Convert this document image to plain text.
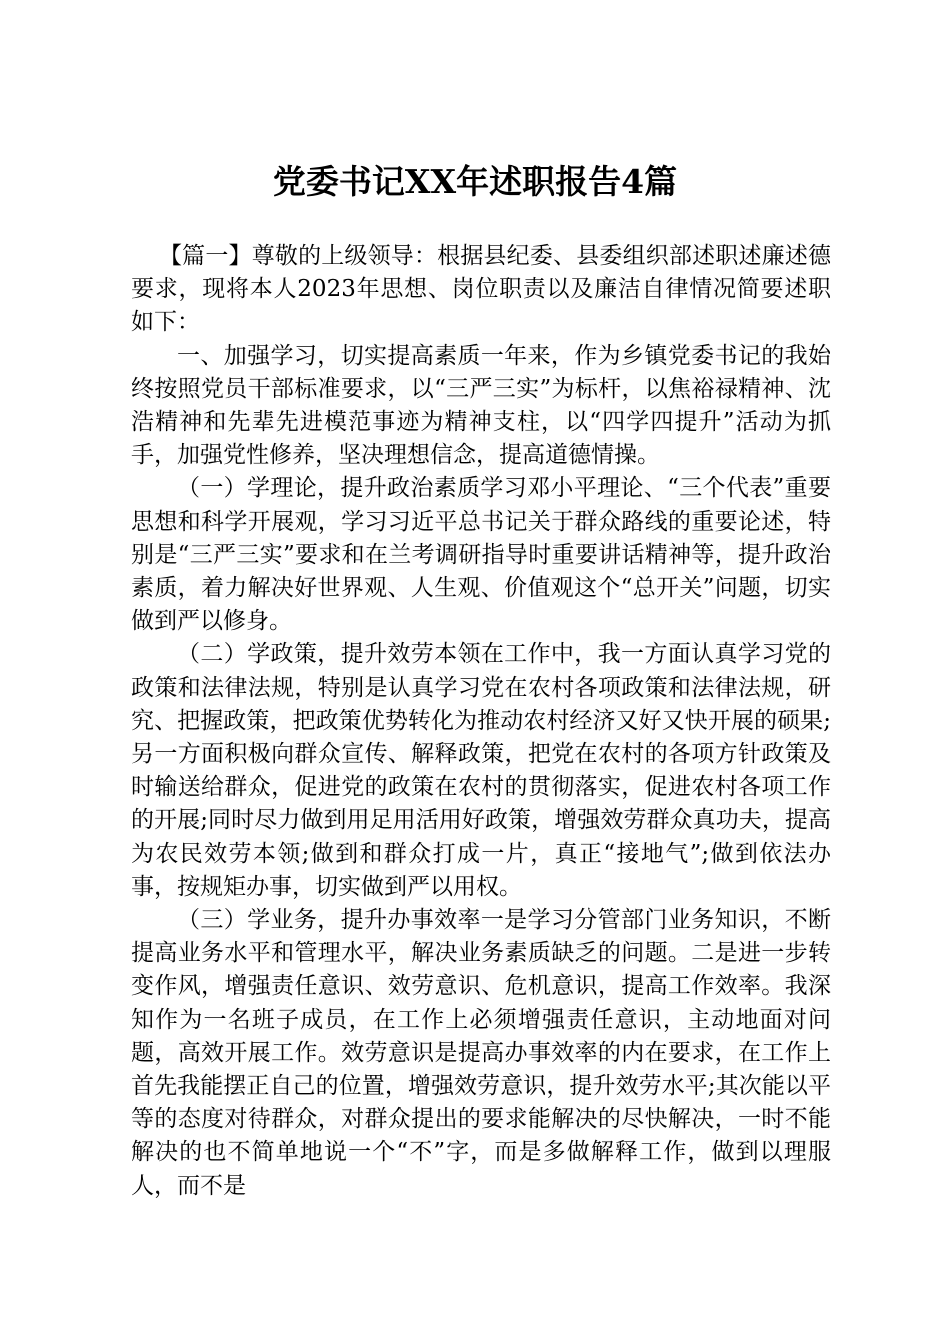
党委书记XX年述职报告4篇

【篇一】尊敬的上级领导：根据县纪委、县委组织部述职述廉述德要求，现将本人2023年思想、岗位职责以及廉洁自律情况简要述职如下：

一、加强学习，切实提高素质一年来，作为乡镇党委书记的我始终按照党员干部标准要求，以“三严三实”为标杆，以焦裕禄精神、沈浩精神和先辈先进模范事迹为精神支柱，以“四学四提升”活动为抓手，加强党性修养，坚决理想信念，提高道德情操。

（一）学理论，提升政治素质学习邓小平理论、“三个代表”重要思想和科学开展观，学习习近平总书记关于群众路线的重要论述，特别是“三严三实”要求和在兰考调研指导时重要讲话精神等，提升政治素质，着力解决好世界观、人生观、价值观这个“总开关”问题，切实做到严以修身。

（二）学政策，提升效劳本领在工作中，我一方面认真学习党的政策和法律法规，特别是认真学习党在农村各项政策和法律法规，研究、把握政策，把政策优势转化为推动农村经济又好又快开展的硕果;另一方面积极向群众宣传、解释政策，把党在农村的各项方针政策及时输送给群众，促进党的政策在农村的贯彻落实，促进农村各项工作的开展;同时尽力做到用足用活用好政策，增强效劳群众真功夫，提高为农民效劳本领;做到和群众打成一片，真正“接地气”;做到依法办事，按规矩办事，切实做到严以用权。

（三）学业务，提升办事效率一是学习分管部门业务知识，不断提高业务水平和管理水平，解决业务素质缺乏的问题。二是进一步转变作风，增强责任意识、效劳意识、危机意识，提高工作效率。我深知作为一名班子成员，在工作上必须增强责任意识，主动地面对问题，高效开展工作。效劳意识是提高办事效率的内在要求，在工作上首先我能摆正自己的位置，增强效劳意识，提升效劳水平;其次能以平等的态度对待群众，对群众提出的要求能解决的尽快解决，一时不能解决的也不简单地说一个“不”字，而是多做解释工作，做到以理服人，而不是
